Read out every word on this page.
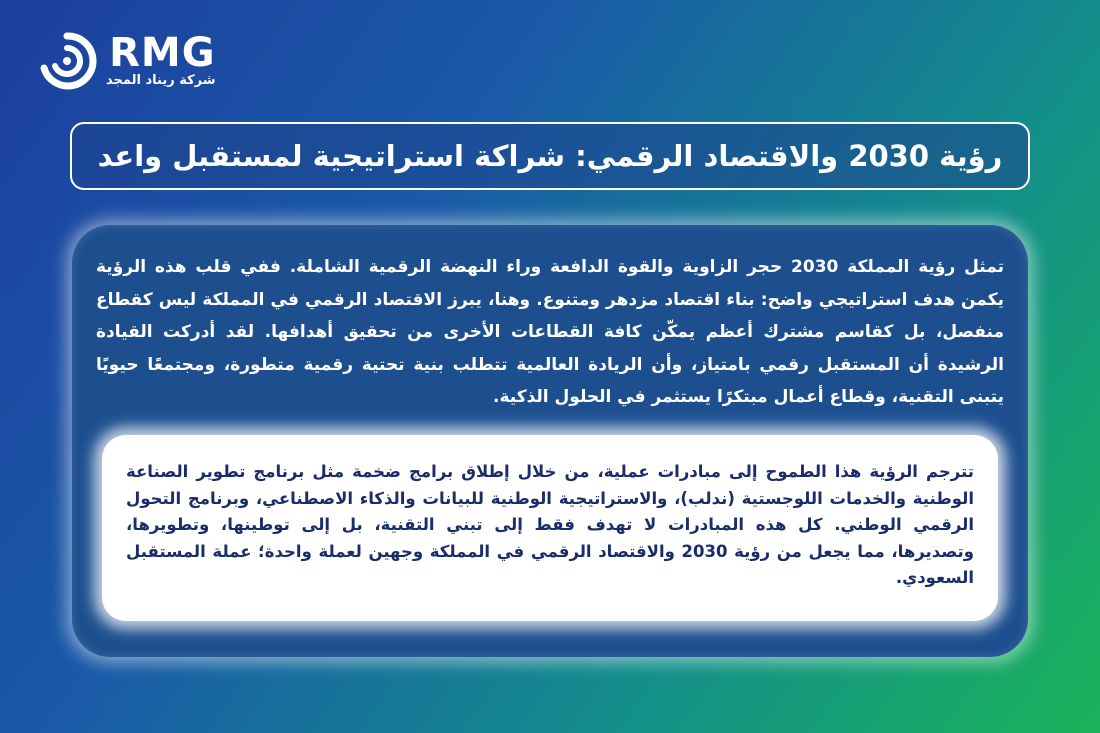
RMG
شركة ريناد المجد
رؤية 2030 والاقتصاد الرقمي: شراكة استراتيجية لمستقبل واعد
تمثل رؤية المملكة 2030 حجر الزاوية والقوة الدافعة وراء النهضة الرقمية الشاملة. ففي قلب هذه الرؤية يكمن هدف استراتيجي واضح: بناء اقتصاد مزدهر ومتنوع. وهنا، يبرز الاقتصاد الرقمي في المملكة ليس كقطاع منفصل، بل كقاسم مشترك أعظم يمكّن كافة القطاعات الأخرى من تحقيق أهدافها. لقد أدركت القيادة الرشيدة أن المستقبل رقمي بامتياز، وأن الريادة العالمية تتطلب بنية تحتية رقمية متطورة، ومجتمعًا حيويًا يتبنى التقنية، وقطاع أعمال مبتكرًا يستثمر في الحلول الذكية.
تترجم الرؤية هذا الطموح إلى مبادرات عملية، من خلال إطلاق برامج ضخمة مثل برنامج تطوير الصناعة الوطنية والخدمات اللوجستية (ندلب)، والاستراتيجية الوطنية للبيانات والذكاء الاصطناعي، وبرنامج التحول الرقمي الوطني. كل هذه المبادرات لا تهدف فقط إلى تبني التقنية، بل إلى توطينها، وتطويرها، وتصديرها، مما يجعل من رؤية 2030 والاقتصاد الرقمي في المملكة وجهين لعملة واحدة؛ عملة المستقبل السعودي.
